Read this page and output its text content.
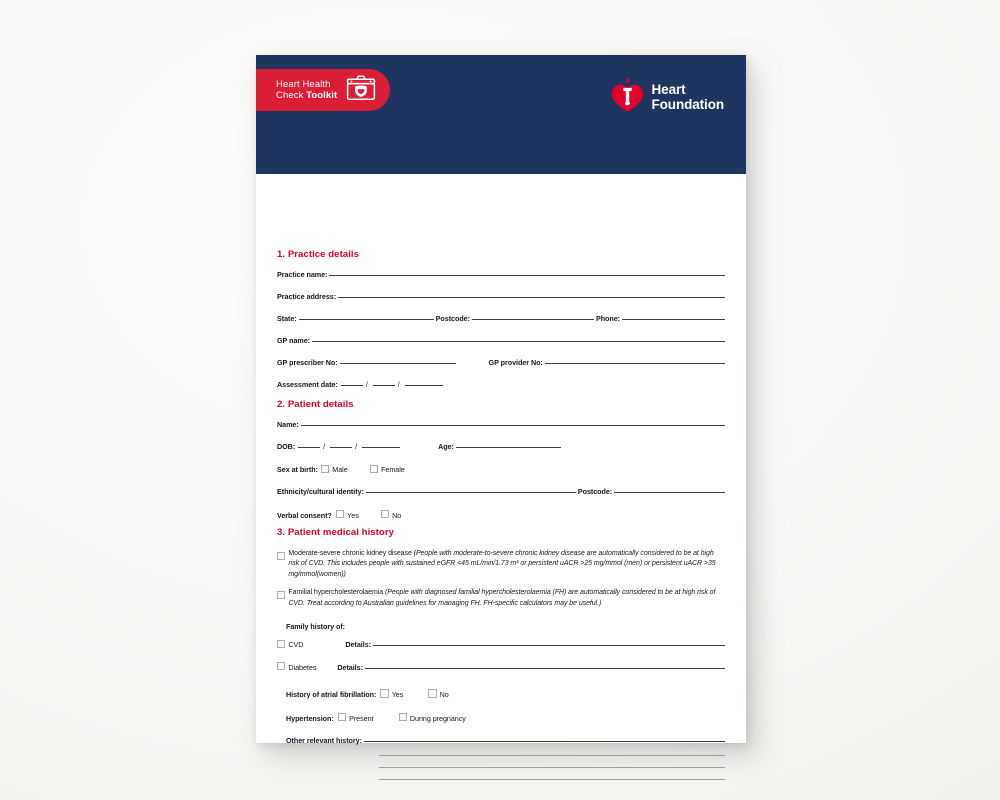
Heart Health
Check Toolkit	Heart
Foundation
Heart Health Check risk assessment
1. Practice details
Practice name:
Practice address:
State:	Postcode:	Phone:
GP name:
GP prescriber No:	GP provider No:
Assessment date:	/	/
2. Patient details
Name:
DOB:	/	/	Age:
Sex at birth: Male	Female
Ethnicity/cultural identity:	Postcode:
Verbal consent? Yes	No
3. Patient medical history
Moderate-severe chronic kidney disease (People with moderate-to-severe chronic kidney disease are automatically considered to be at high risk of CVD. This includes people with sustained eGFR <45 mL/min/1.73 m² or persistent uACR >25 mg/mmol (men) or persistent uACR >35 mg/mmol(women))
Familial hypercholesterolaemia (People with diagnosed familial hypercholesterolaemia (FH) are automatically considered to be at high risk of CVD. Treat according to Australian guidelines for managing FH. FH-specific calculators may be useful.)
Family history of:
CVD	Details:
Diabetes	Details:
History of atrial fibrillation: Yes	No
Hypertension: Present	During pregnancy
Other relevant history:
